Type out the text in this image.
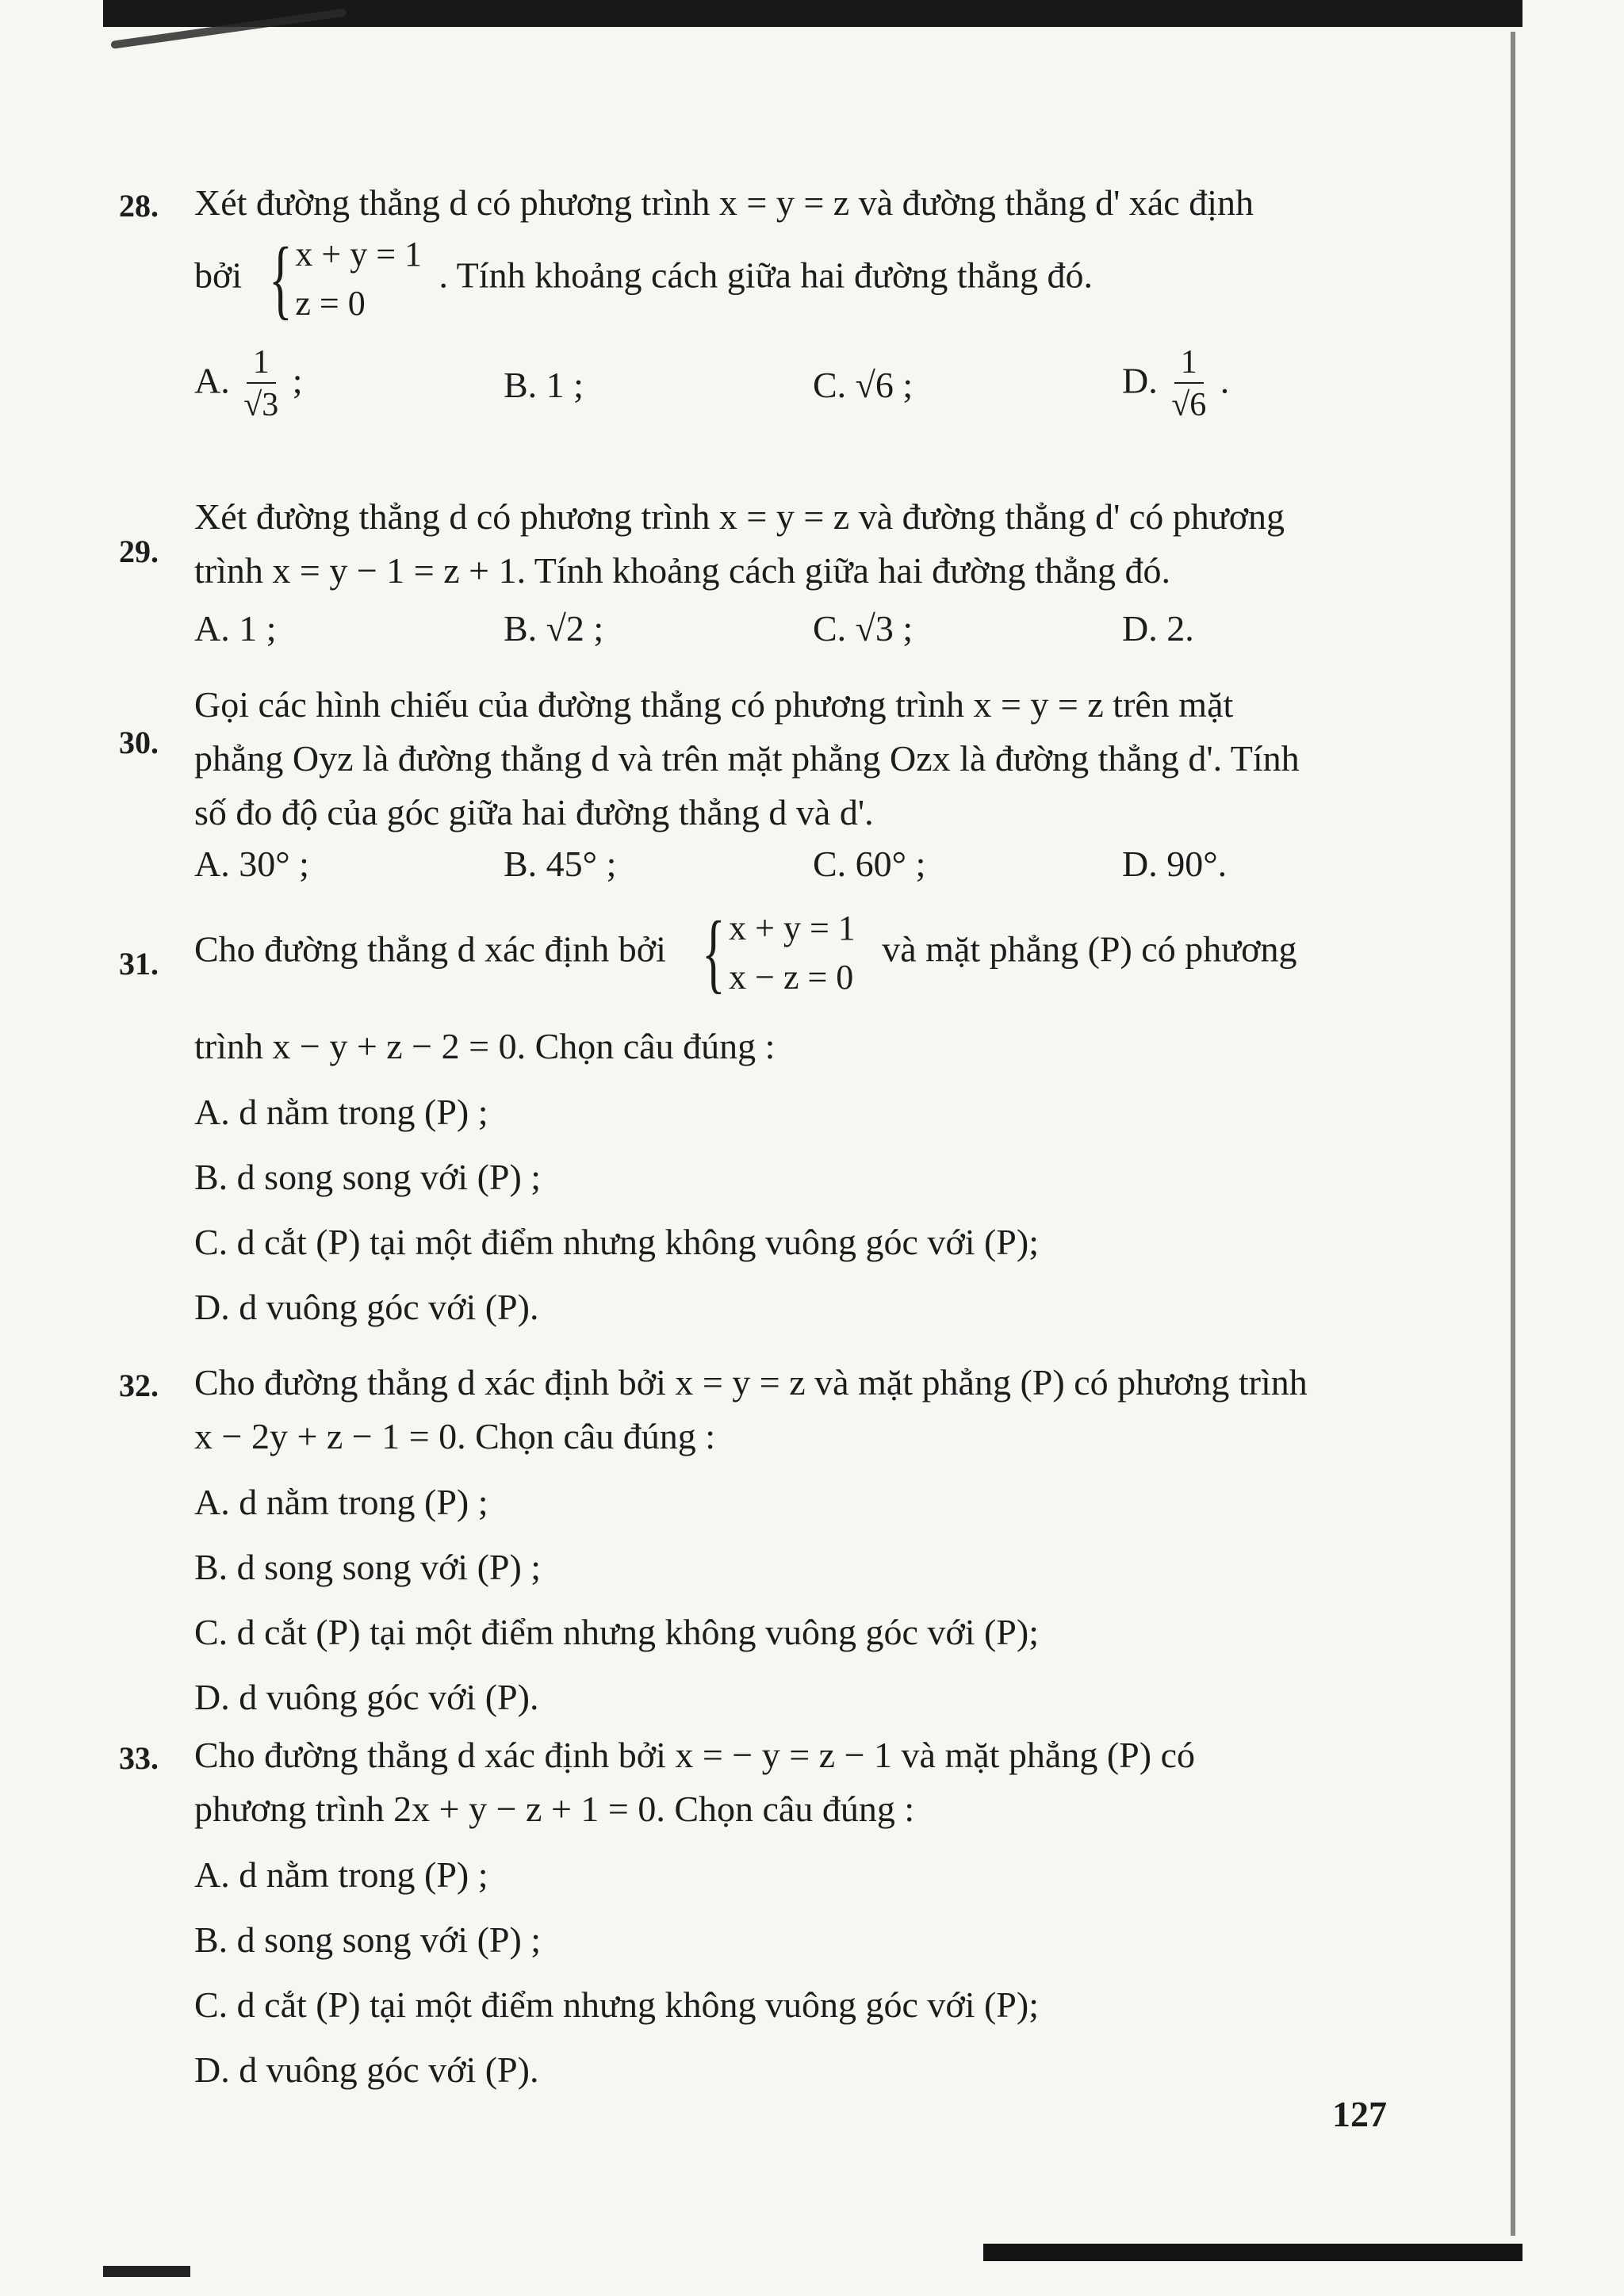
28. Xét đường thẳng d có phương trình x = y = z và đường thẳng d' xác định
bởi { x + y = 1
z = 0
. Tính khoảng cách giữa hai đường thẳng đó.
A. $\frac{1}{√3}$ ;	B. 1 ;	C. √6 ;	D. $\frac{1}{√6}$ .
29.
Xét đường thẳng d có phương trình x = y = z và đường thẳng d' có phương
trình x = y − 1 = z + 1. Tính khoảng cách giữa hai đường thẳng đó.
A. 1 ;	B. √2 ;	C. √3 ;	D. 2.
30.
Gọi các hình chiếu của đường thẳng có phương trình x = y = z trên mặt
phẳng Oyz là đường thẳng d và trên mặt phẳng Ozx là đường thẳng d'. Tính
số đo độ của góc giữa hai đường thẳng d và d'.
A. 30° ;	B. 45° ;	C. 60° ;	D. 90°.
31. Cho đường thẳng d xác định bởi { x + y = 1
x − z = 0
và mặt phẳng (P) có phương
trình x − y + z − 2 = 0. Chọn câu đúng :
A. d nằm trong (P) ;
B. d song song với (P) ;
C. d cắt (P) tại một điểm nhưng không vuông góc với (P);
D. d vuông góc với (P).
32. Cho đường thẳng d xác định bởi x = y = z và mặt phẳng (P) có phương trình
x − 2y + z − 1 = 0. Chọn câu đúng :
A. d nằm trong (P) ;
B. d song song với (P) ;
C. d cắt (P) tại một điểm nhưng không vuông góc với (P);
D. d vuông góc với (P).
33. Cho đường thẳng d xác định bởi x = − y = z − 1 và mặt phẳng (P) có
phương trình 2x + y − z + 1 = 0. Chọn câu đúng :
A. d nằm trong (P) ;
B. d song song với (P) ;
C. d cắt (P) tại một điểm nhưng không vuông góc với (P);
D. d vuông góc với (P).
127
